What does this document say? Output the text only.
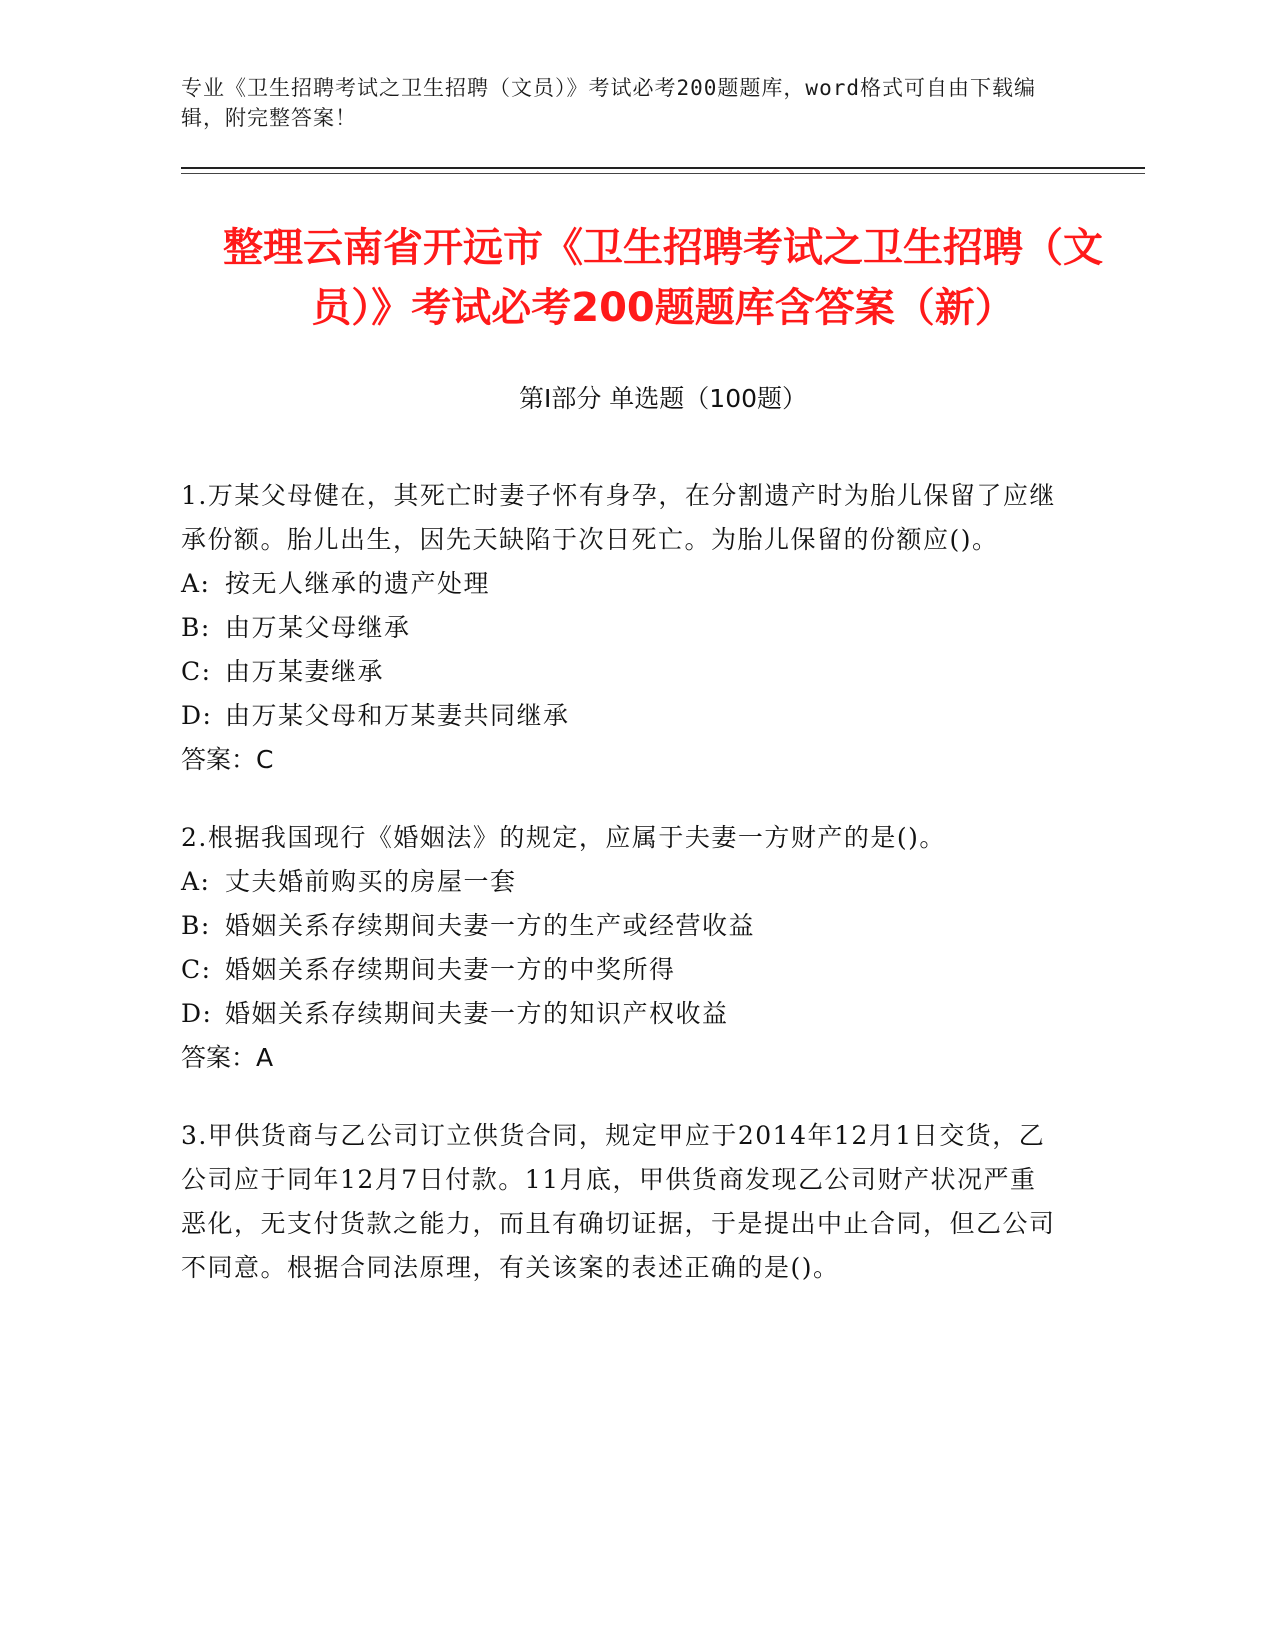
专业《卫生招聘考试之卫生招聘（文员）》考试必考200题题库，word格式可自由下载编辑，附完整答案！
整理云南省开远市《卫生招聘考试之卫生招聘（文员）》考试必考200题题库含答案（新）
第I部分 单选题（100题）
1.万某父母健在，其死亡时妻子怀有身孕，在分割遗产时为胎儿保留了应继承份额。胎儿出生，因先天缺陷于次日死亡。为胎儿保留的份额应()。
A: 按无人继承的遗产处理
B: 由万某父母继承
C: 由万某妻继承
D: 由万某父母和万某妻共同继承
答案：C
2.根据我国现行《婚姻法》的规定，应属于夫妻一方财产的是()。
A: 丈夫婚前购买的房屋一套
B: 婚姻关系存续期间夫妻一方的生产或经营收益
C: 婚姻关系存续期间夫妻一方的中奖所得
D: 婚姻关系存续期间夫妻一方的知识产权收益
答案：A
3.甲供货商与乙公司订立供货合同，规定甲应于2014年12月1日交货，乙公司应于同年12月7日付款。11月底，甲供货商发现乙公司财产状况严重恶化，无支付货款之能力，而且有确切证据，于是提出中止合同，但乙公司不同意。根据合同法原理，有关该案的表述正确的是()。
